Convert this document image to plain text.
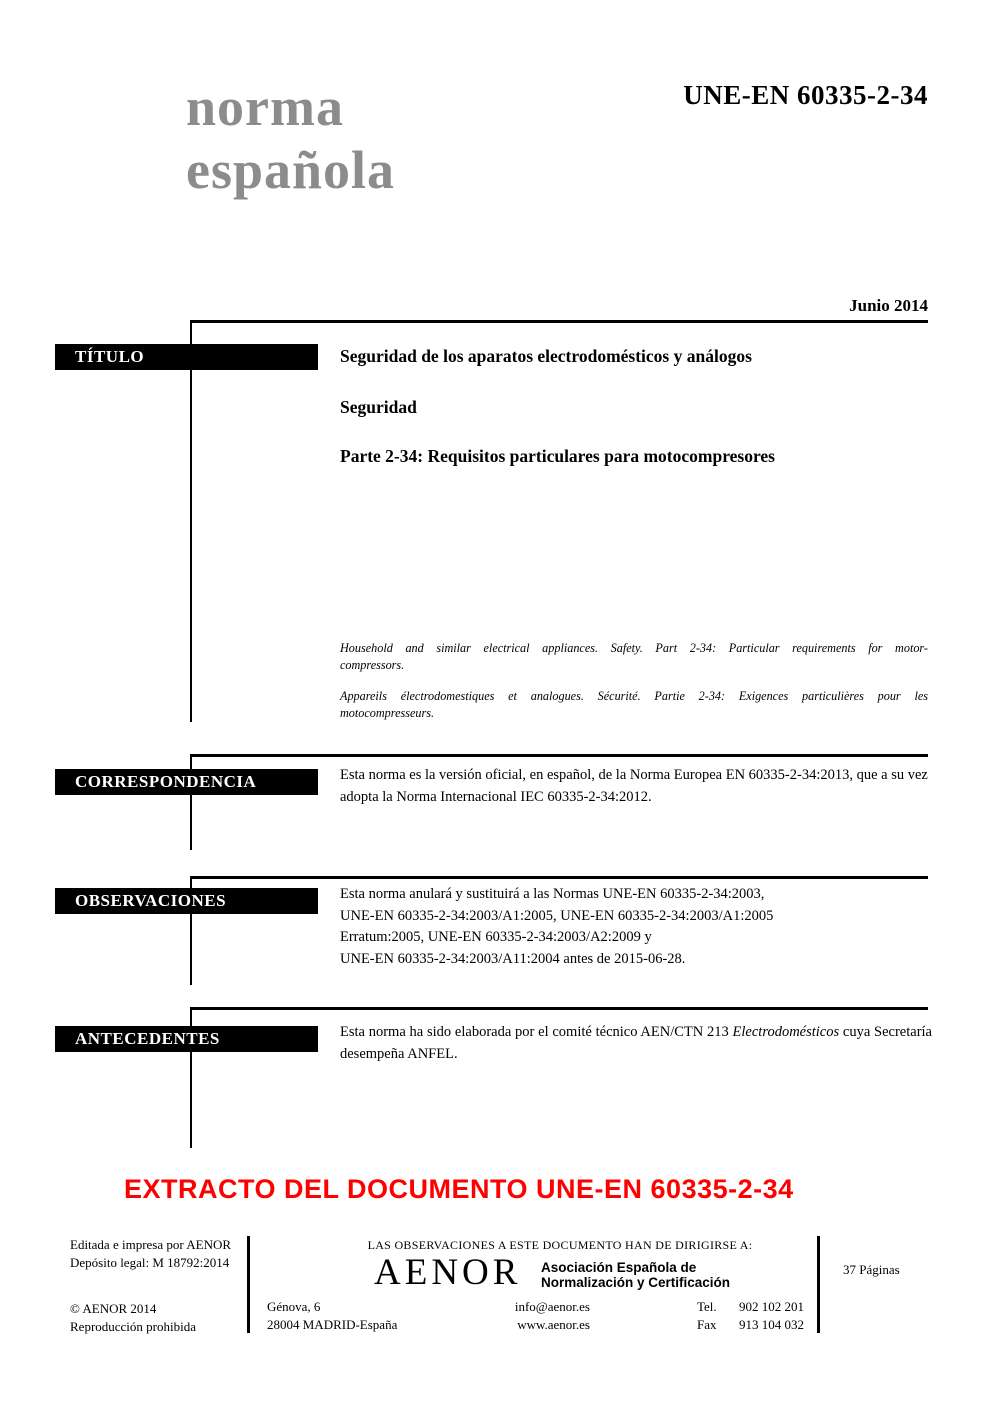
norma
española
UNE-EN 60335-2-34
Junio 2014
TÍTULO	Seguridad de los aparatos electrodomésticos y análogos
Seguridad
Parte 2-34: Requisitos particulares para motocompresores
Household and similar electrical appliances. Safety. Part 2-34: Particular requirements for motor-
compressors.
Appareils électrodomestiques et analogues. Sécurité. Partie 2-34: Exigences particulières pour les
motocompresseurs.
CORRESPONDENCIA	Esta norma es la versión oficial, en español, de la Norma Europea EN 60335-2-34:2013, que a su vez adopta la Norma Internacional IEC 60335-2-34:2012.
OBSERVACIONES	Esta norma anulará y sustituirá a las Normas UNE-EN 60335-2-34:2003,
UNE-EN 60335-2-34:2003/A1:2005, UNE-EN 60335-2-34:2003/A1:2005
Erratum:2005, UNE-EN 60335-2-34:2003/A2:2009 y
UNE-EN 60335-2-34:2003/A11:2004 antes de 2015-06-28.
ANTECEDENTES	Esta norma ha sido elaborada por el comité técnico AEN/CTN 213 Electrodomésticos cuya Secretaría desempeña ANFEL.
EXTRACTO DEL DOCUMENTO UNE-EN 60335-2-34
Editada e impresa por AENOR
Depósito legal: M 18792:2014
© AENOR 2014
Reproducción prohibida
LAS OBSERVACIONES A ESTE DOCUMENTO HAN DE DIRIGIRSE A:
AENOR Asociación Española de
Normalización y Certificación
Génova, 6
28004 MADRID-España
info@aenor.es
www.aenor.es
Tel. 902 102 201
Fax 913 104 032
37 Páginas
